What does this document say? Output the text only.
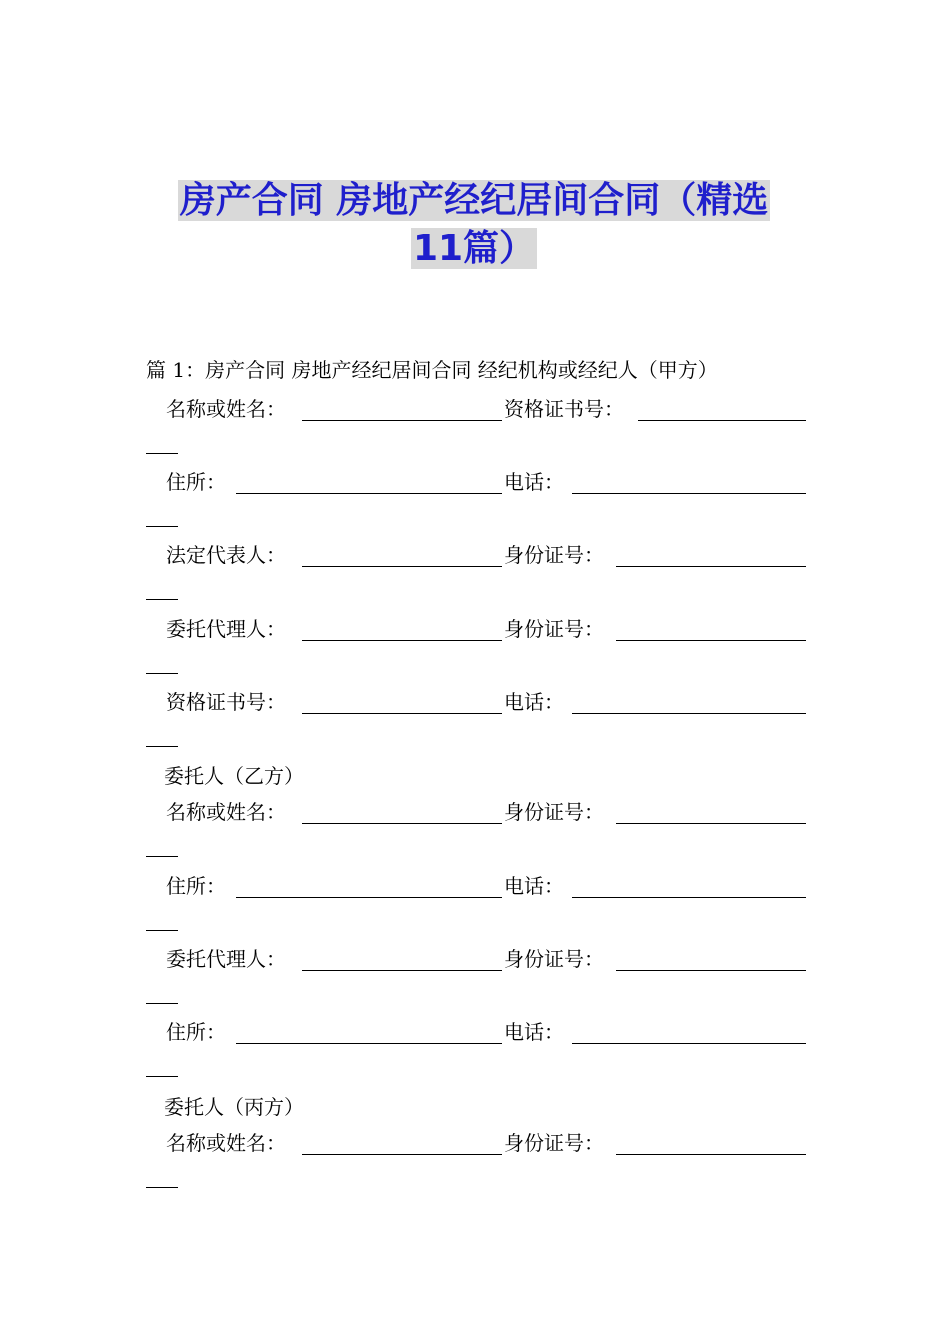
房产合同 房地产经纪居间合同（精选
11篇）
篇 1：房产合同 房地产经纪居间合同 经纪机构或经纪人（甲方）
名称或姓名：	资格证书号：
住所：	电话：
法定代表人：	身份证号：
委托代理人：	身份证号：
资格证书号：	电话：
委托人（乙方）
名称或姓名：	身份证号：
住所：	电话：
委托代理人：	身份证号：
住所：	电话：
委托人（丙方）
名称或姓名：	身份证号：
